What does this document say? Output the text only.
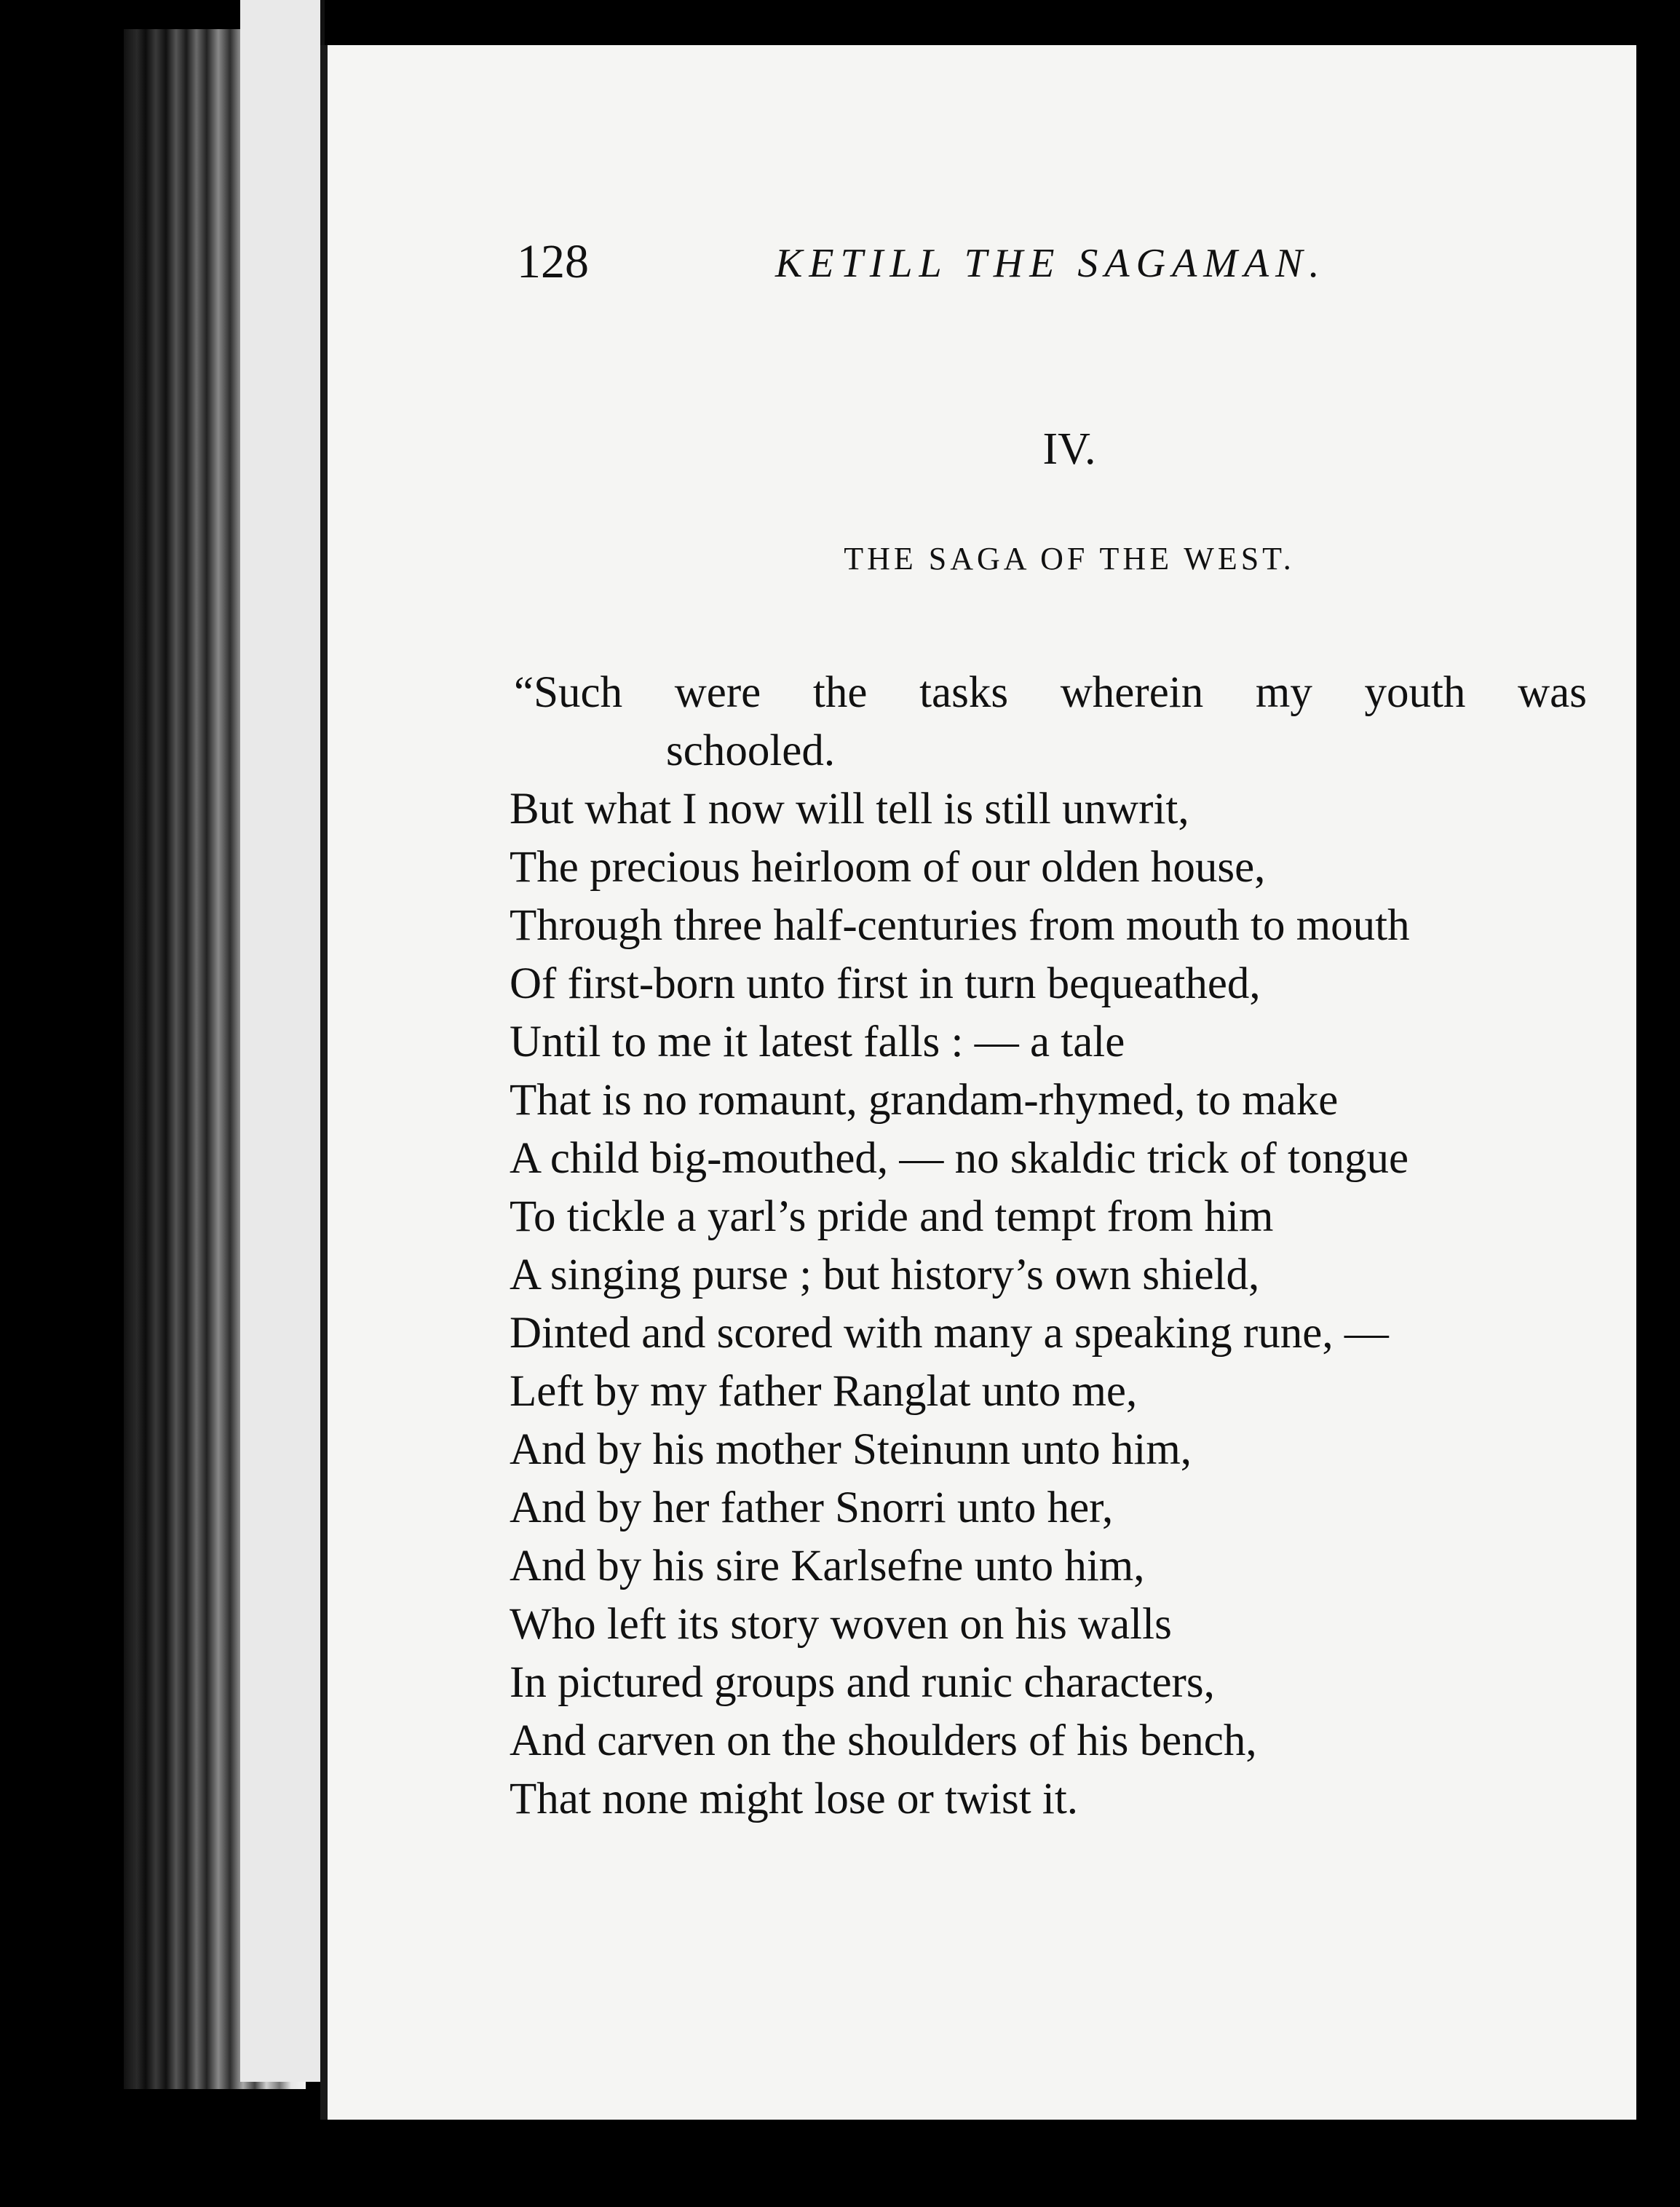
128	KETILL THE SAGAMAN.
IV.
THE SAGA OF THE WEST.
“Such were the tasks wherein my youth was
schooled.
But what I now will tell is still unwrit,
The precious heirloom of our olden house,
Through three half-centuries from mouth to mouth
Of first-born unto first in turn bequeathed,
Until to me it latest falls : — a tale
That is no romaunt, grandam-rhymed, to make
A child big-mouthed, — no skaldic trick of tongue
To tickle a yarl’s pride and tempt from him
A singing purse ; but history’s own shield,
Dinted and scored with many a speaking rune, —
Left by my father Ranglat unto me,
And by his mother Steinunn unto him,
And by her father Snorri unto her,
And by his sire Karlsefne unto him,
Who left its story woven on his walls
In pictured groups and runic characters,
And carven on the shoulders of his bench,
That none might lose or twist it.
